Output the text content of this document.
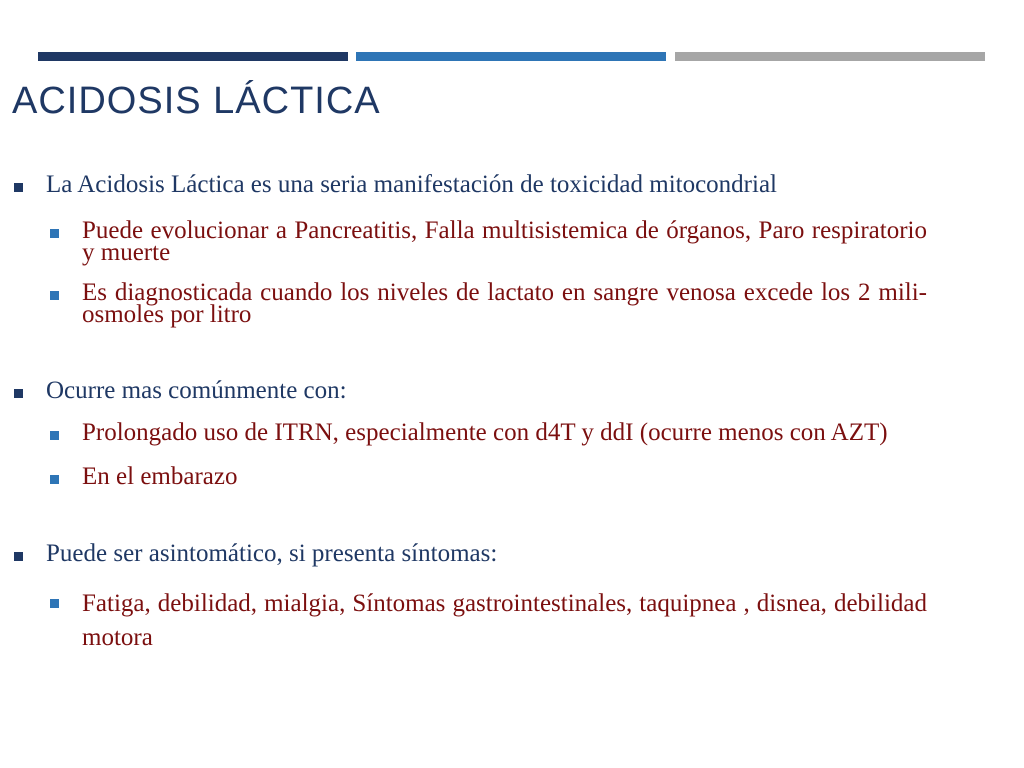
ACIDOSIS LÁCTICA
La Acidosis Láctica es una seria manifestación de toxicidad mitocondrial
Puede evolucionar a Pancreatitis, Falla multisistemica de órganos, Paro respiratorio y muerte
Es diagnosticada cuando los niveles de lactato en sangre venosa excede los 2 mili-osmoles por litro
Ocurre mas comúnmente con:
Prolongado uso de ITRN, especialmente con d4T y ddI (ocurre menos con AZT)
En el embarazo
Puede ser asintomático, si presenta síntomas:
Fatiga, debilidad, mialgia, Síntomas gastrointestinales, taquipnea , disnea, debilidad motora
